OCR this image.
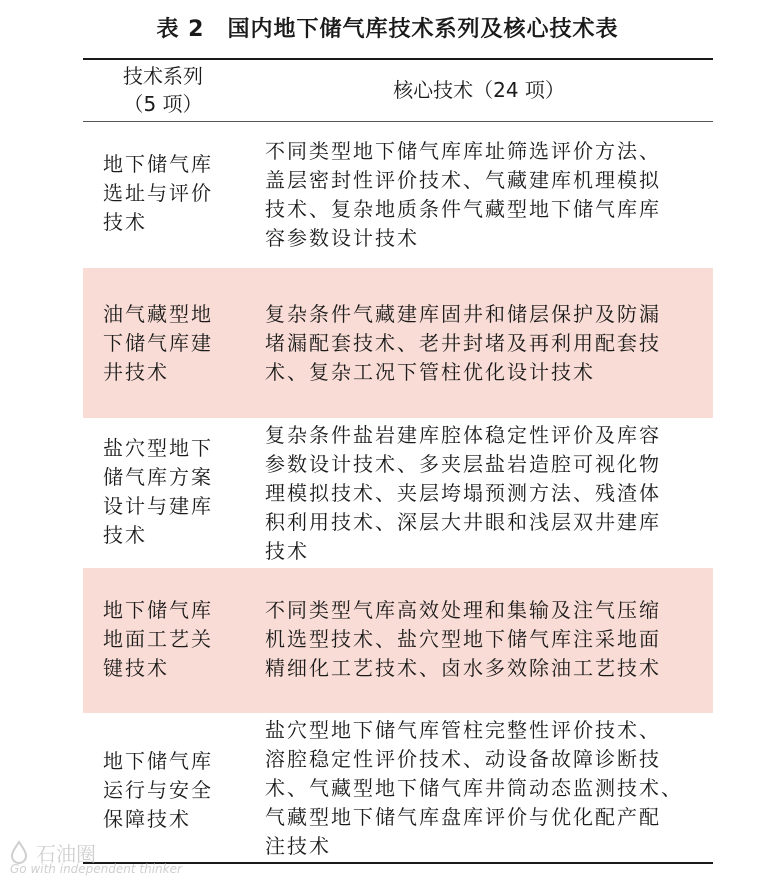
表 2　国内地下储气库技术系列及核心技术表
技术系列
（5 项）
核心技术（24 项）
地下储气库
选址与评价
技术
不同类型地下储气库库址筛选评价方法、
盖层密封性评价技术、气藏建库机理模拟
技术、复杂地质条件气藏型地下储气库库
容参数设计技术
油气藏型地
下储气库建
井技术
复杂条件气藏建库固井和储层保护及防漏
堵漏配套技术、老井封堵及再利用配套技
术、复杂工况下管柱优化设计技术
盐穴型地下
储气库方案
设计与建库
技术
复杂条件盐岩建库腔体稳定性评价及库容
参数设计技术、多夹层盐岩造腔可视化物
理模拟技术、夹层垮塌预测方法、残渣体
积利用技术、深层大井眼和浅层双井建库
技术
地下储气库
地面工艺关
键技术
不同类型气库高效处理和集输及注气压缩
机选型技术、盐穴型地下储气库注采地面
精细化工艺技术、卤水多效除油工艺技术
地下储气库
运行与安全
保障技术
盐穴型地下储气库管柱完整性评价技术、
溶腔稳定性评价技术、动设备故障诊断技
术、气藏型地下储气库井筒动态监测技术、
气藏型地下储气库盘库评价与优化配产配
注技术
石油圈
Go with independent thinker
